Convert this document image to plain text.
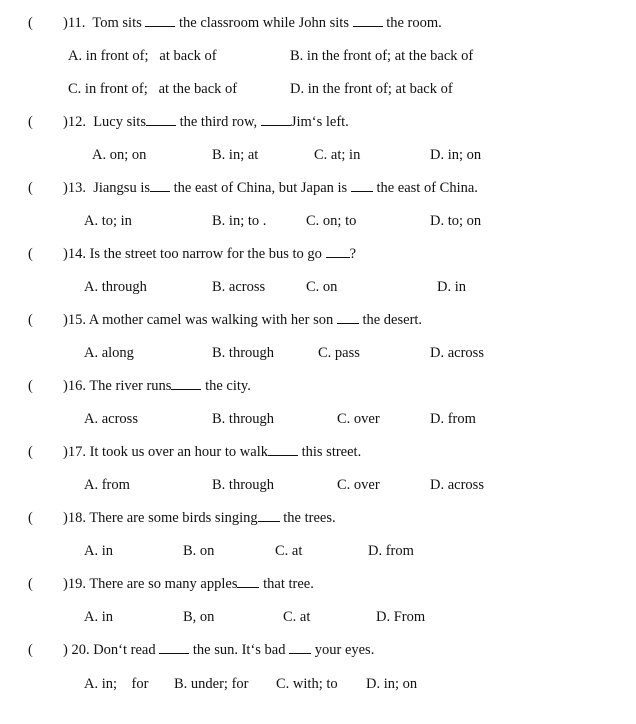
( )11.  Tom sits  the classroom while John sits  the room.
A. in front of;   at back of	B. in the front of; at the back of
C. in front of;   at the back of	D. in the front of; at back of
( )12.  Lucy sits the third row, Jim‘s left.
A. on; on	B. in; at	C. at; in	D. in; on
( )13.  Jiangsu is the east of China, but Japan is  the east of China.
A. to; in	B. in; to .	C. on; to	D. to; on
( )14. Is the street too narrow for the bus to go ?
A. through	B. across	C. on	D. in
( )15. A mother camel was walking with her son  the desert.
A. along	B. through	C. pass	D. across
( )16. The river runs the city.
A. across	B. through	C. over	D. from
( )17. It took us over an hour to walk this street.
A. from	B. through	C. over	D. across
( )18. There are some birds singing the trees.
A. in	B. on	C. at	D. from
( )19. There are so many apples that tree.
A. in	B, on	C. at	D. From
( ) 20. Don‘t read  the sun. It‘s bad  your eyes.
A. in;    for B. under; for C. with; to D. in; on
